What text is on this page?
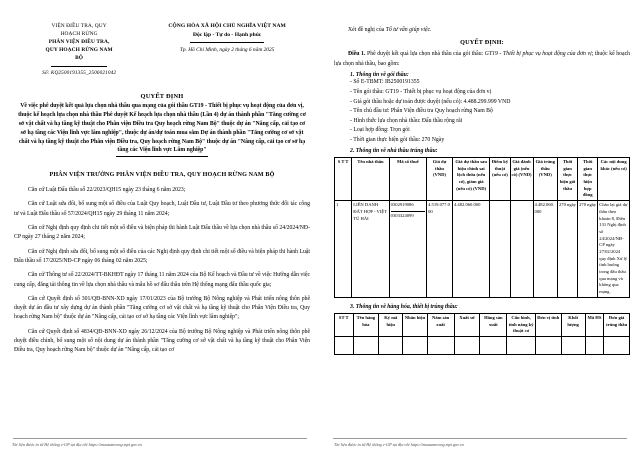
VIỆN ĐIỀU TRA, QUY
HOẠCH RỪNG
PHÂN VIỆN ĐIỀU TRA,
QUY HOẠCH RỪNG NAM
BỘ
Số: KQ2500191355_2506021042
CỘNG HÒA XÃ HỘI CHỦ NGHĨA VIỆT NAM
Độc lập - Tự do - Hạnh phúc
Tp. Hồ Chí Minh, ngày 2 tháng 6 năm 2025
QUYẾT ĐỊNH
Về việc phê duyệt kết quả lựa chọn nhà thầu qua mạng của gói thầu GT19 - Thiết bị phục vụ hoạt động của đơn vị, thuộc kế hoạch lựa chọn nhà thầu Phê duyệt Kế hoạch lựa chọn nhà thầu (Lần 4) dự án thành phần "Tăng cường cơ sở vật chất và hạ tầng kỹ thuật cho Phân viện Điều tra Quy hoạch rừng Nam Bộ" thuộc dự án "Nâng cấp, cải tạo cơ sở hạ tầng các Viện lĩnh vực lâm nghiệp", thuộc dự án/dự toán mua sắm Dự án thành phần "Tăng cường cơ sở vật chất và hạ tầng kỹ thuật cho Phân viện Điều tra, Quy hoạch rừng Nam Bộ" thuộc dự án "Nâng cấp, cải tạo cơ sở hạ tầng các Viện lĩnh vực Lâm nghiệp"
PHÂN VIỆN TRƯỞNG PHÂN VIỆN ĐIỀU TRA, QUY HOẠCH RỪNG NAM BỘ
Căn cứ Luật Đấu thầu số 22/2023/QH15 ngày 23 tháng 6 năm 2023;
Căn cứ Luật sửa đổi, bổ sung một số điều của Luật Quy hoạch, Luật Đầu tư, Luật Đầu tư theo phương thức đối tác công tư và Luật Đấu thầu số 57/2024/QH15 ngày 29 tháng 11 năm 2024;
Căn cứ Nghị định quy định chi tiết một số điều và biện pháp thi hành Luật Đấu thầu về lựa chọn nhà thầu số 24/2024/NĐ-CP ngày 27 tháng 2 năm 2024;
Căn cứ Nghị định sửa đổi, bổ sung một số điều của các Nghị định quy định chi tiết một số điều và biện pháp thi hành Luật Đấu thầu số 17/2025/NĐ-CP ngày 06 tháng 02 năm 2025;
Căn cứ Thông tư số 22/2024/TT-BKHĐT ngày 17 tháng 11 năm 2024 của Bộ Kế hoạch và Đầu tư về việc Hướng dẫn việc cung cấp, đăng tải thông tin về lựa chọn nhà thầu và mẫu hồ sơ đấu thầu trên Hệ thống mạng đấu thầu quốc gia;
Căn cứ Quyết định số 301/QĐ-BNN-XD ngày 17/01/2023 của Bộ trưởng Bộ Nông nghiệp và Phát triển nông thôn phê duyệt dự án đầu tư xây dựng dự án thành phần "Tăng cường cơ sở vật chất và hạ tầng kỹ thuật cho Phân Viện Điều tra, Quy hoạch rừng Nam bộ" thuộc dự án "Nâng cấp, cải tạo cơ sở hạ tầng các Viện lĩnh vực lâm nghiệp";
Căn cứ Quyết định số 4834/QĐ-BNN-XD ngày 26/12/2024 của Bộ trưởng Bộ Nông nghiệp và Phát triển nông thôn phê duyệt điều chỉnh, bổ sung một số nội dung dự án thành phần "Tăng cường cơ sở vật chất và hạ tầng kỹ thuật cho Phân Viện Điều tra, Quy hoạch rừng Nam bộ" thuộc dự án "Nâng cấp, cải tạo cơ
Tài liệu được in từ Hệ thống e-GP tại địa chỉ https://muasamcong.mpi.gov.vn
Xét đề nghị của Tổ tư vấn giúp việc.
QUYẾT ĐỊNH:
Điều 1. Phê duyệt kết quả lựa chọn nhà thầu của gói thầu: GT19 - Thiết bị phục vụ hoạt động của đơn vị; thuộc kế hoạch lựa chọn nhà thầu, bao gồm:
1. Thông tin về gói thầu:
- Số E-TBMT: IB2500191355
- Tên gói thầu: GT19 - Thiết bị phục vụ hoạt động của đơn vị
- Giá gói thầu hoặc dự toán được duyệt (nếu có): 4.488.299.999 VND
- Tên chủ đầu tư: Phân Viện điều tra Quy hoạch rừng Nam Bộ
- Hình thức lựa chọn nhà thầu: Đấu thầu rộng rãi
- Loại hợp đồng: Trọn gói
- Thời gian thực hiện gói thầu: 270 Ngày
2. Thông tin về nhà thầu trúng thầu:
S T T	Tên nhà thầu	Mã số thuế	Giá dự thầu (VND)	Giá dự thầu sau hiệu chỉnh sai lệch thừa (nếu có), giảm giá (nếu có) (VND)	Điểm kỹ thuật (nếu có)	Giá đánh giá (nếu có) (VND)	Giá trúng thầu (VND)	Thời gian thực hiện gói thầu	Thời gian thực hiện hợp đồng	Các nội dung khác (nếu có)
1	LIÊN DANH ĐẤT HỢP - VIỆT TÚ HẢI	0302919086
0303324099	4.519.077.000	4.482.060.000			4.482.060.000	270 ngày	270 ngày	Chào lại giá dự thầu theo khoản 8, Điều 131 Nghị định số 24/2024/NĐ-CP ngày 27/02/2024 quy định Xử lý tình huống trong đấu thầu qua mạng và không qua mạng.
3. Thông tin về hàng hóa, thiết bị trúng thầu:
ST T	Tên hàng hóa	Ký mã hiệu	Nhãn hiệu	Năm sản xuất	Xuất sứ	Hãng sản xuất	Cấu hình, tính năng kỹ thuật cơ	Đơn vị tính	Khối lượng	Mã HS	Đơn giá trúng thầu

Tài liệu được in từ Hệ thống e-GP tại địa chỉ https://muasamcong.mpi.gov.vn
